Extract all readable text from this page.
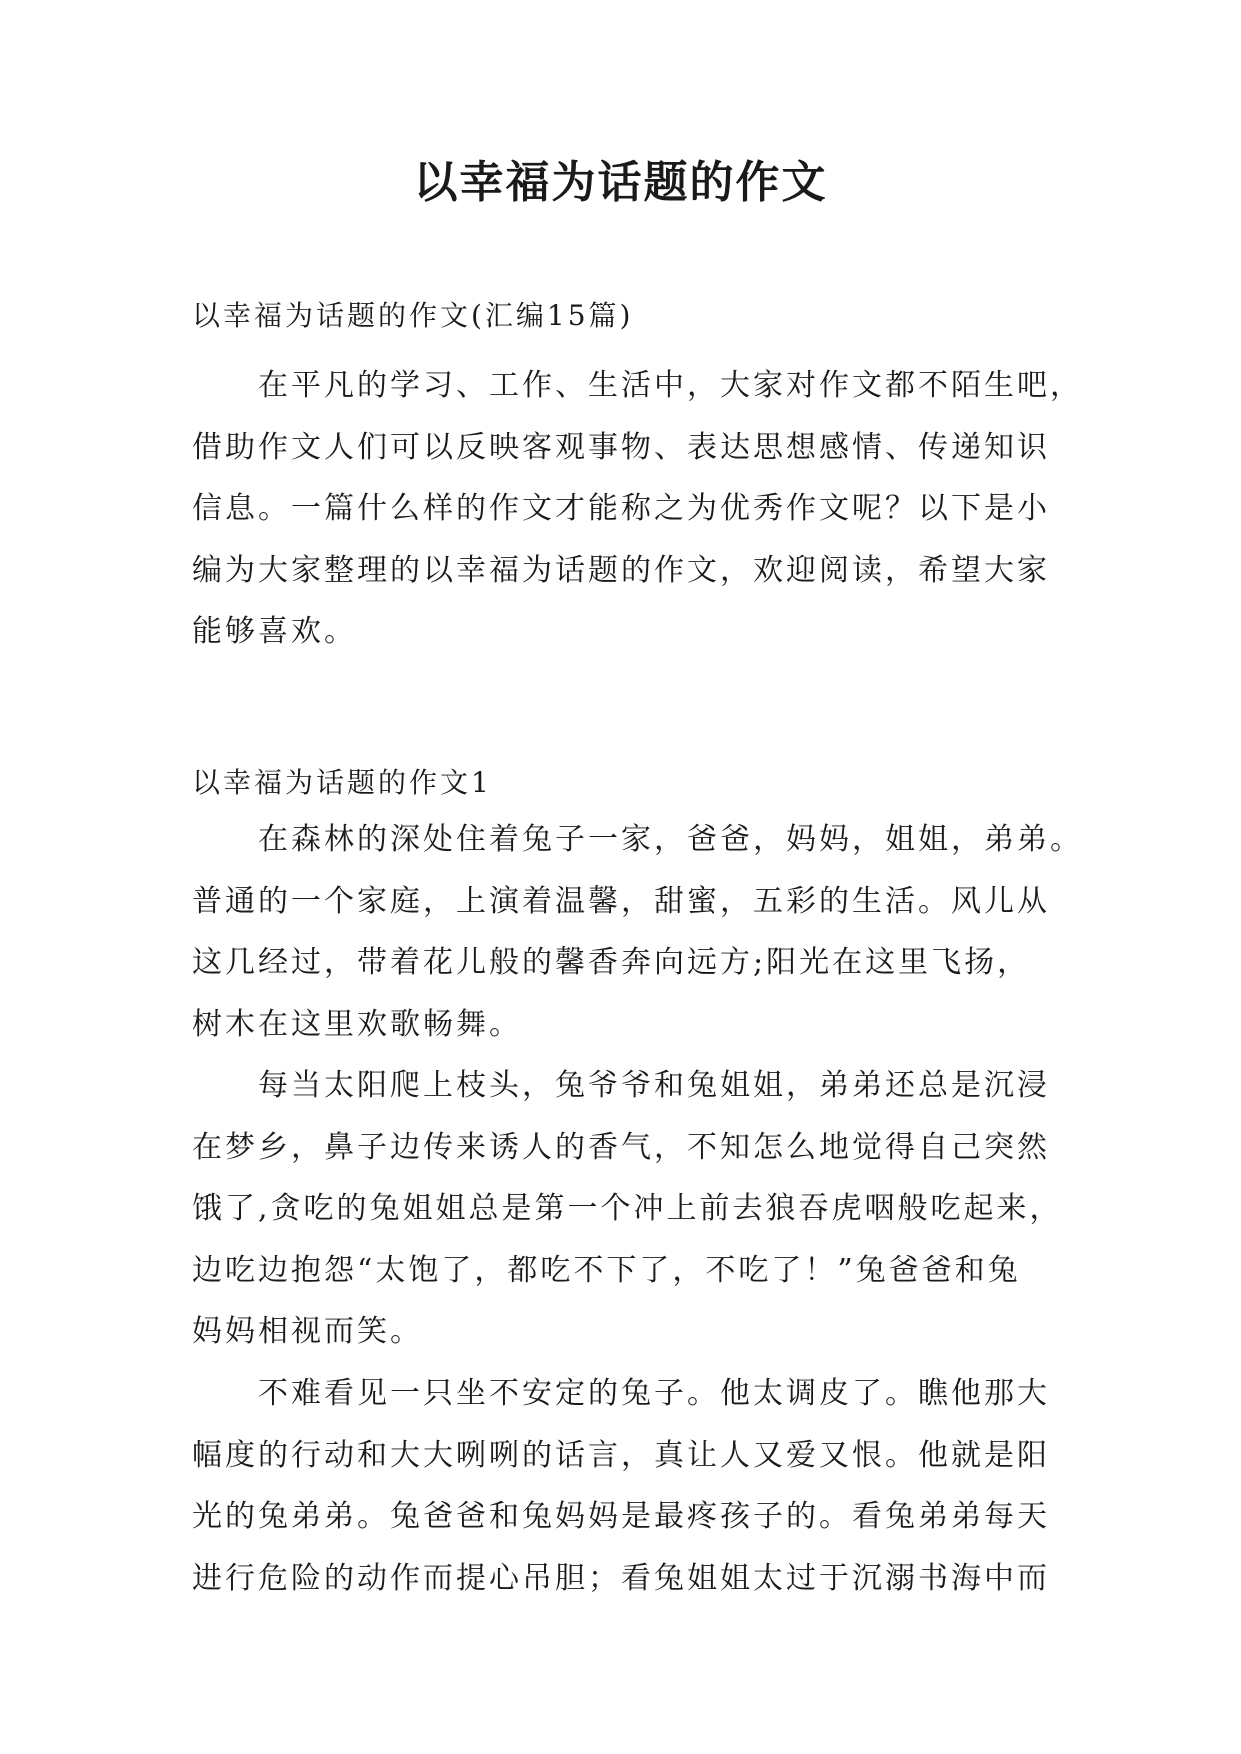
以幸福为话题的作文
以幸福为话题的作文(汇编15篇)
在平凡的学习、工作、生活中，大家对作文都不陌生吧，
借助作文人们可以反映客观事物、表达思想感情、传递知识
信息。一篇什么样的作文才能称之为优秀作文呢？以下是小
编为大家整理的以幸福为话题的作文，欢迎阅读，希望大家
能够喜欢。
以幸福为话题的作文1
在森林的深处住着兔子一家，爸爸，妈妈，姐姐，弟弟。
普通的一个家庭，上演着温馨，甜蜜，五彩的生活。风儿从
这几经过，带着花儿般的馨香奔向远方;阳光在这里飞扬，
树木在这里欢歌畅舞。
每当太阳爬上枝头，兔爷爷和兔姐姐，弟弟还总是沉浸
在梦乡，鼻子边传来诱人的香气，不知怎么地觉得自己突然
饿了,贪吃的兔姐姐总是第一个冲上前去狼吞虎咽般吃起来，
边吃边抱怨“太饱了，都吃不下了，不吃了！”兔爸爸和兔
妈妈相视而笑。
不难看见一只坐不安定的兔子。他太调皮了。瞧他那大
幅度的行动和大大咧咧的话言，真让人又爱又恨。他就是阳
光的兔弟弟。兔爸爸和兔妈妈是最疼孩子的。看兔弟弟每天
进行危险的动作而提心吊胆；看兔姐姐太过于沉溺书海中而
